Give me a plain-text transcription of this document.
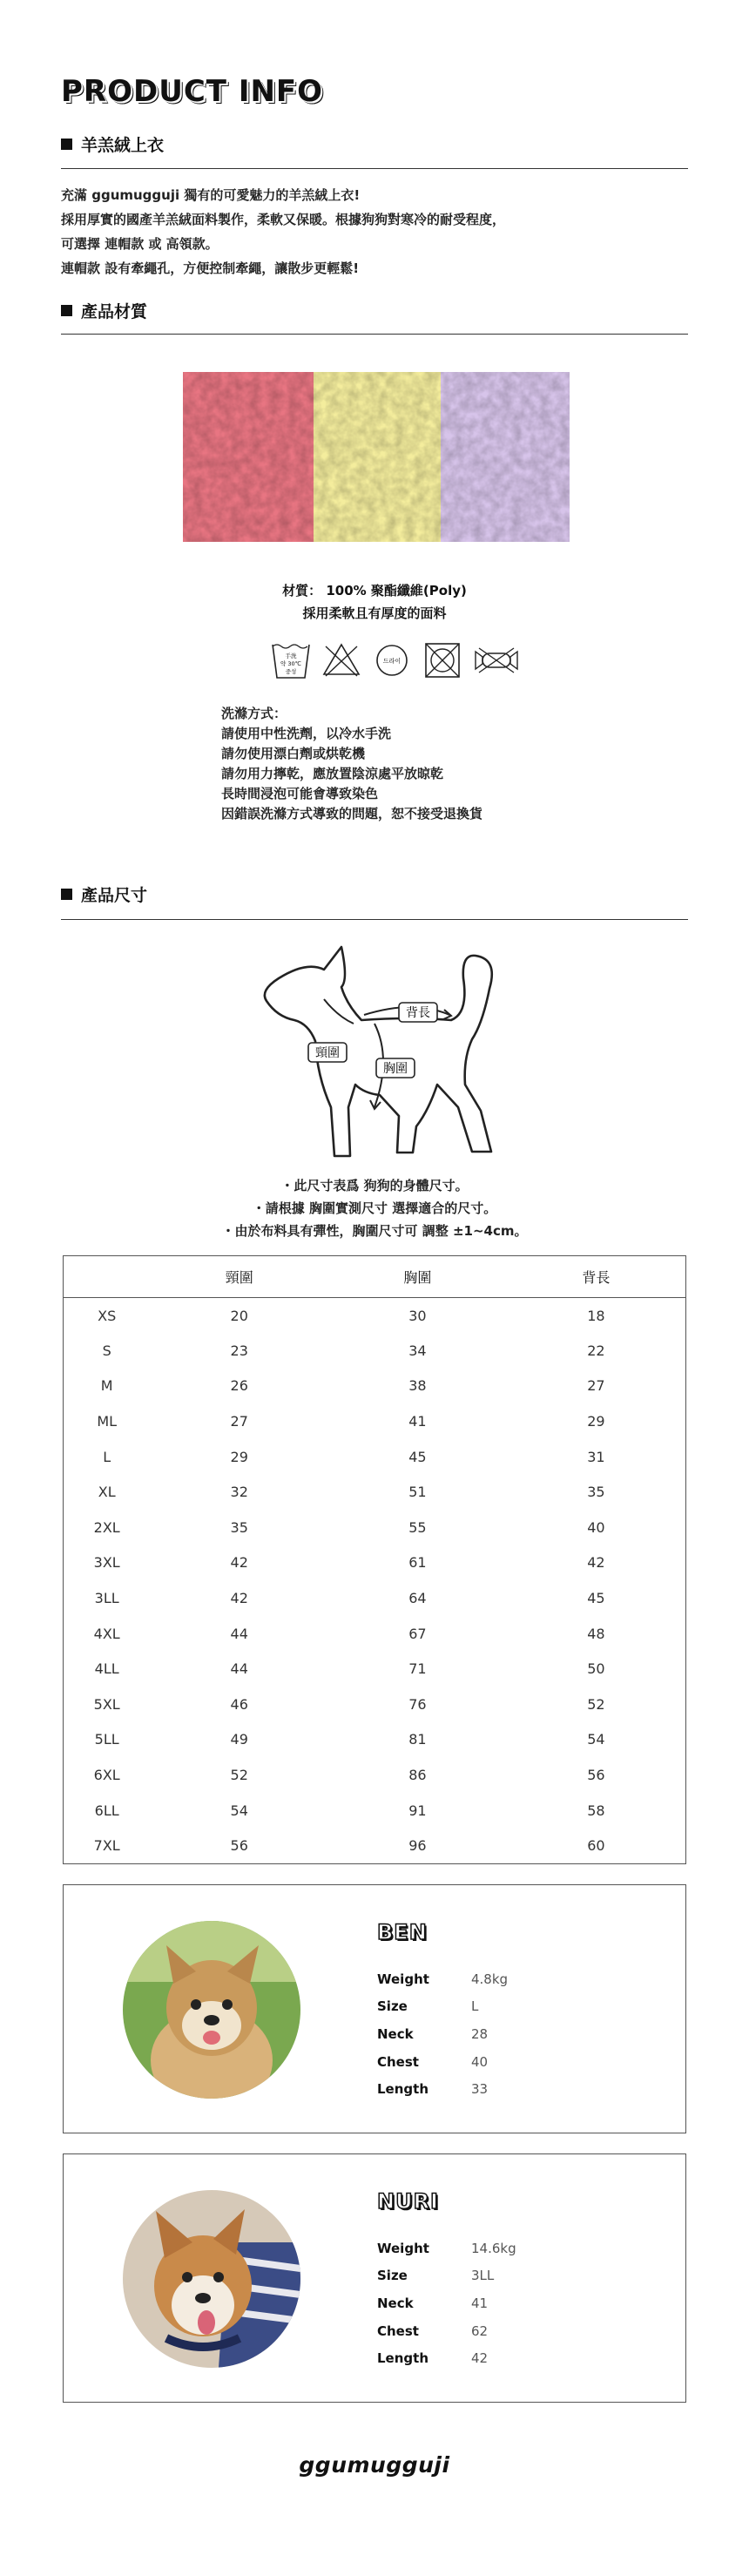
PRODUCT INFO
羊羔絨上衣
充滿 ggumugguji 獨有的可愛魅力的羊羔絨上衣!
採用厚實的國產羊羔絨面料製作，柔軟又保暖。根據狗狗對寒冷的耐受程度，
可選擇 連帽款 或 高領款。
連帽款 設有牽繩孔，方便控制牽繩，讓散步更輕鬆!
產品材質
材質： 100% 聚酯纖維(Poly)
採用柔軟且有厚度的面料
手洗
약 30℃
중성
드라이
洗滌方式：
請使用中性洗劑，以冷水手洗
請勿使用漂白劑或烘乾機
請勿用力擰乾，應放置陰涼處平放晾乾
長時間浸泡可能會導致染色
因錯誤洗滌方式導致的問題，恕不接受退換貨
產品尺寸
頸圍
背長
胸圍
・此尺寸表爲 狗狗的身體尺寸。
・請根據 胸圍實測尺寸 選擇適合的尺寸。
・由於布料具有彈性，胸圍尺寸可 調整 ±1~4cm。
	頸圍	胸圍	背長
XS	20	30	18
S	23	34	22
M	26	38	27
ML	27	41	29
L	29	45	31
XL	32	51	35
2XL	35	55	40
3XL	42	61	42
3LL	42	64	45
4XL	44	67	48
4LL	44	71	50
5XL	46	76	52
5LL	49	81	54
6XL	52	86	56
6LL	54	91	58
7XL	56	96	60
BEN
Weight	4.8kg
Size	L
Neck	28
Chest	40
Length	33
NURI
Weight	14.6kg
Size	3LL
Neck	41
Chest	62
Length	42
ggumugguji
